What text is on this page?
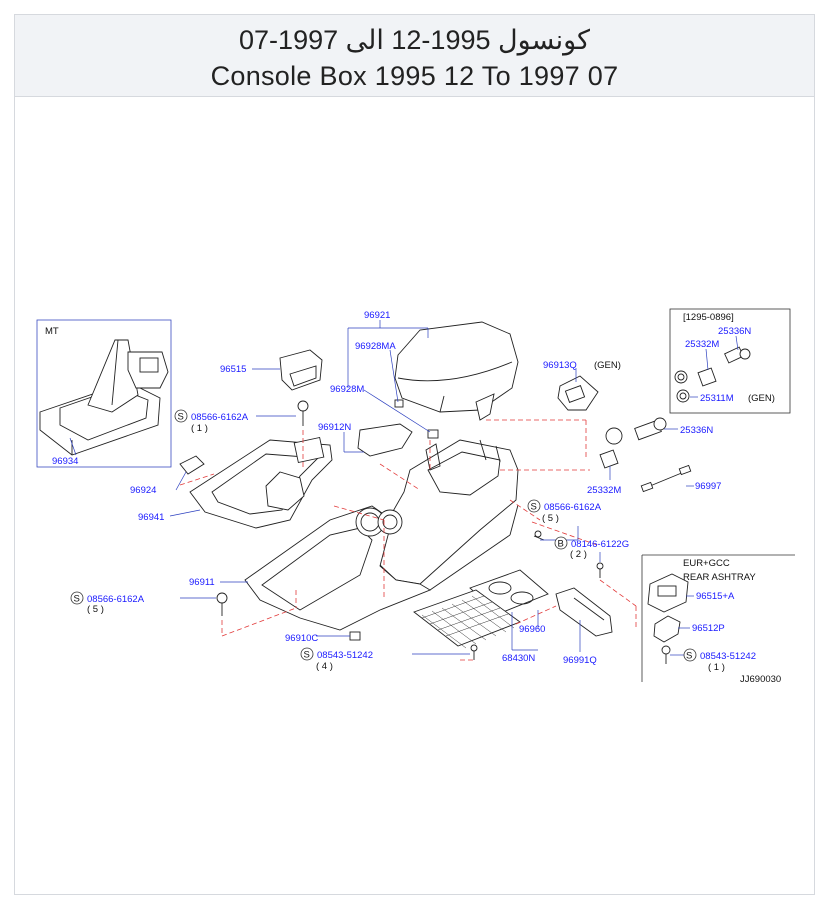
كونسول 1995-12 الى 1997-07
Console Box 1995 12 To 1997 07
MT
96934
[1295-0896]
25336N
25332M
25311M (GEN)
EUR+GCC
REAR ASHTRAY
96515+A
96512P
S 08543-51242
( 1 )
96921
96928MA
96928M
96515
96912N
96913Q (GEN)
25336N
25332M	96997
96924
96941
96911
96910C
96960
68430N	96991Q
S 08566-6162A
( 1 )
S 08566-6162A
( 5 )
S 08566-6162A
( 5 )
B 08146-6122G
( 2 )
S 08543-51242
( 4 )
JJ690030
